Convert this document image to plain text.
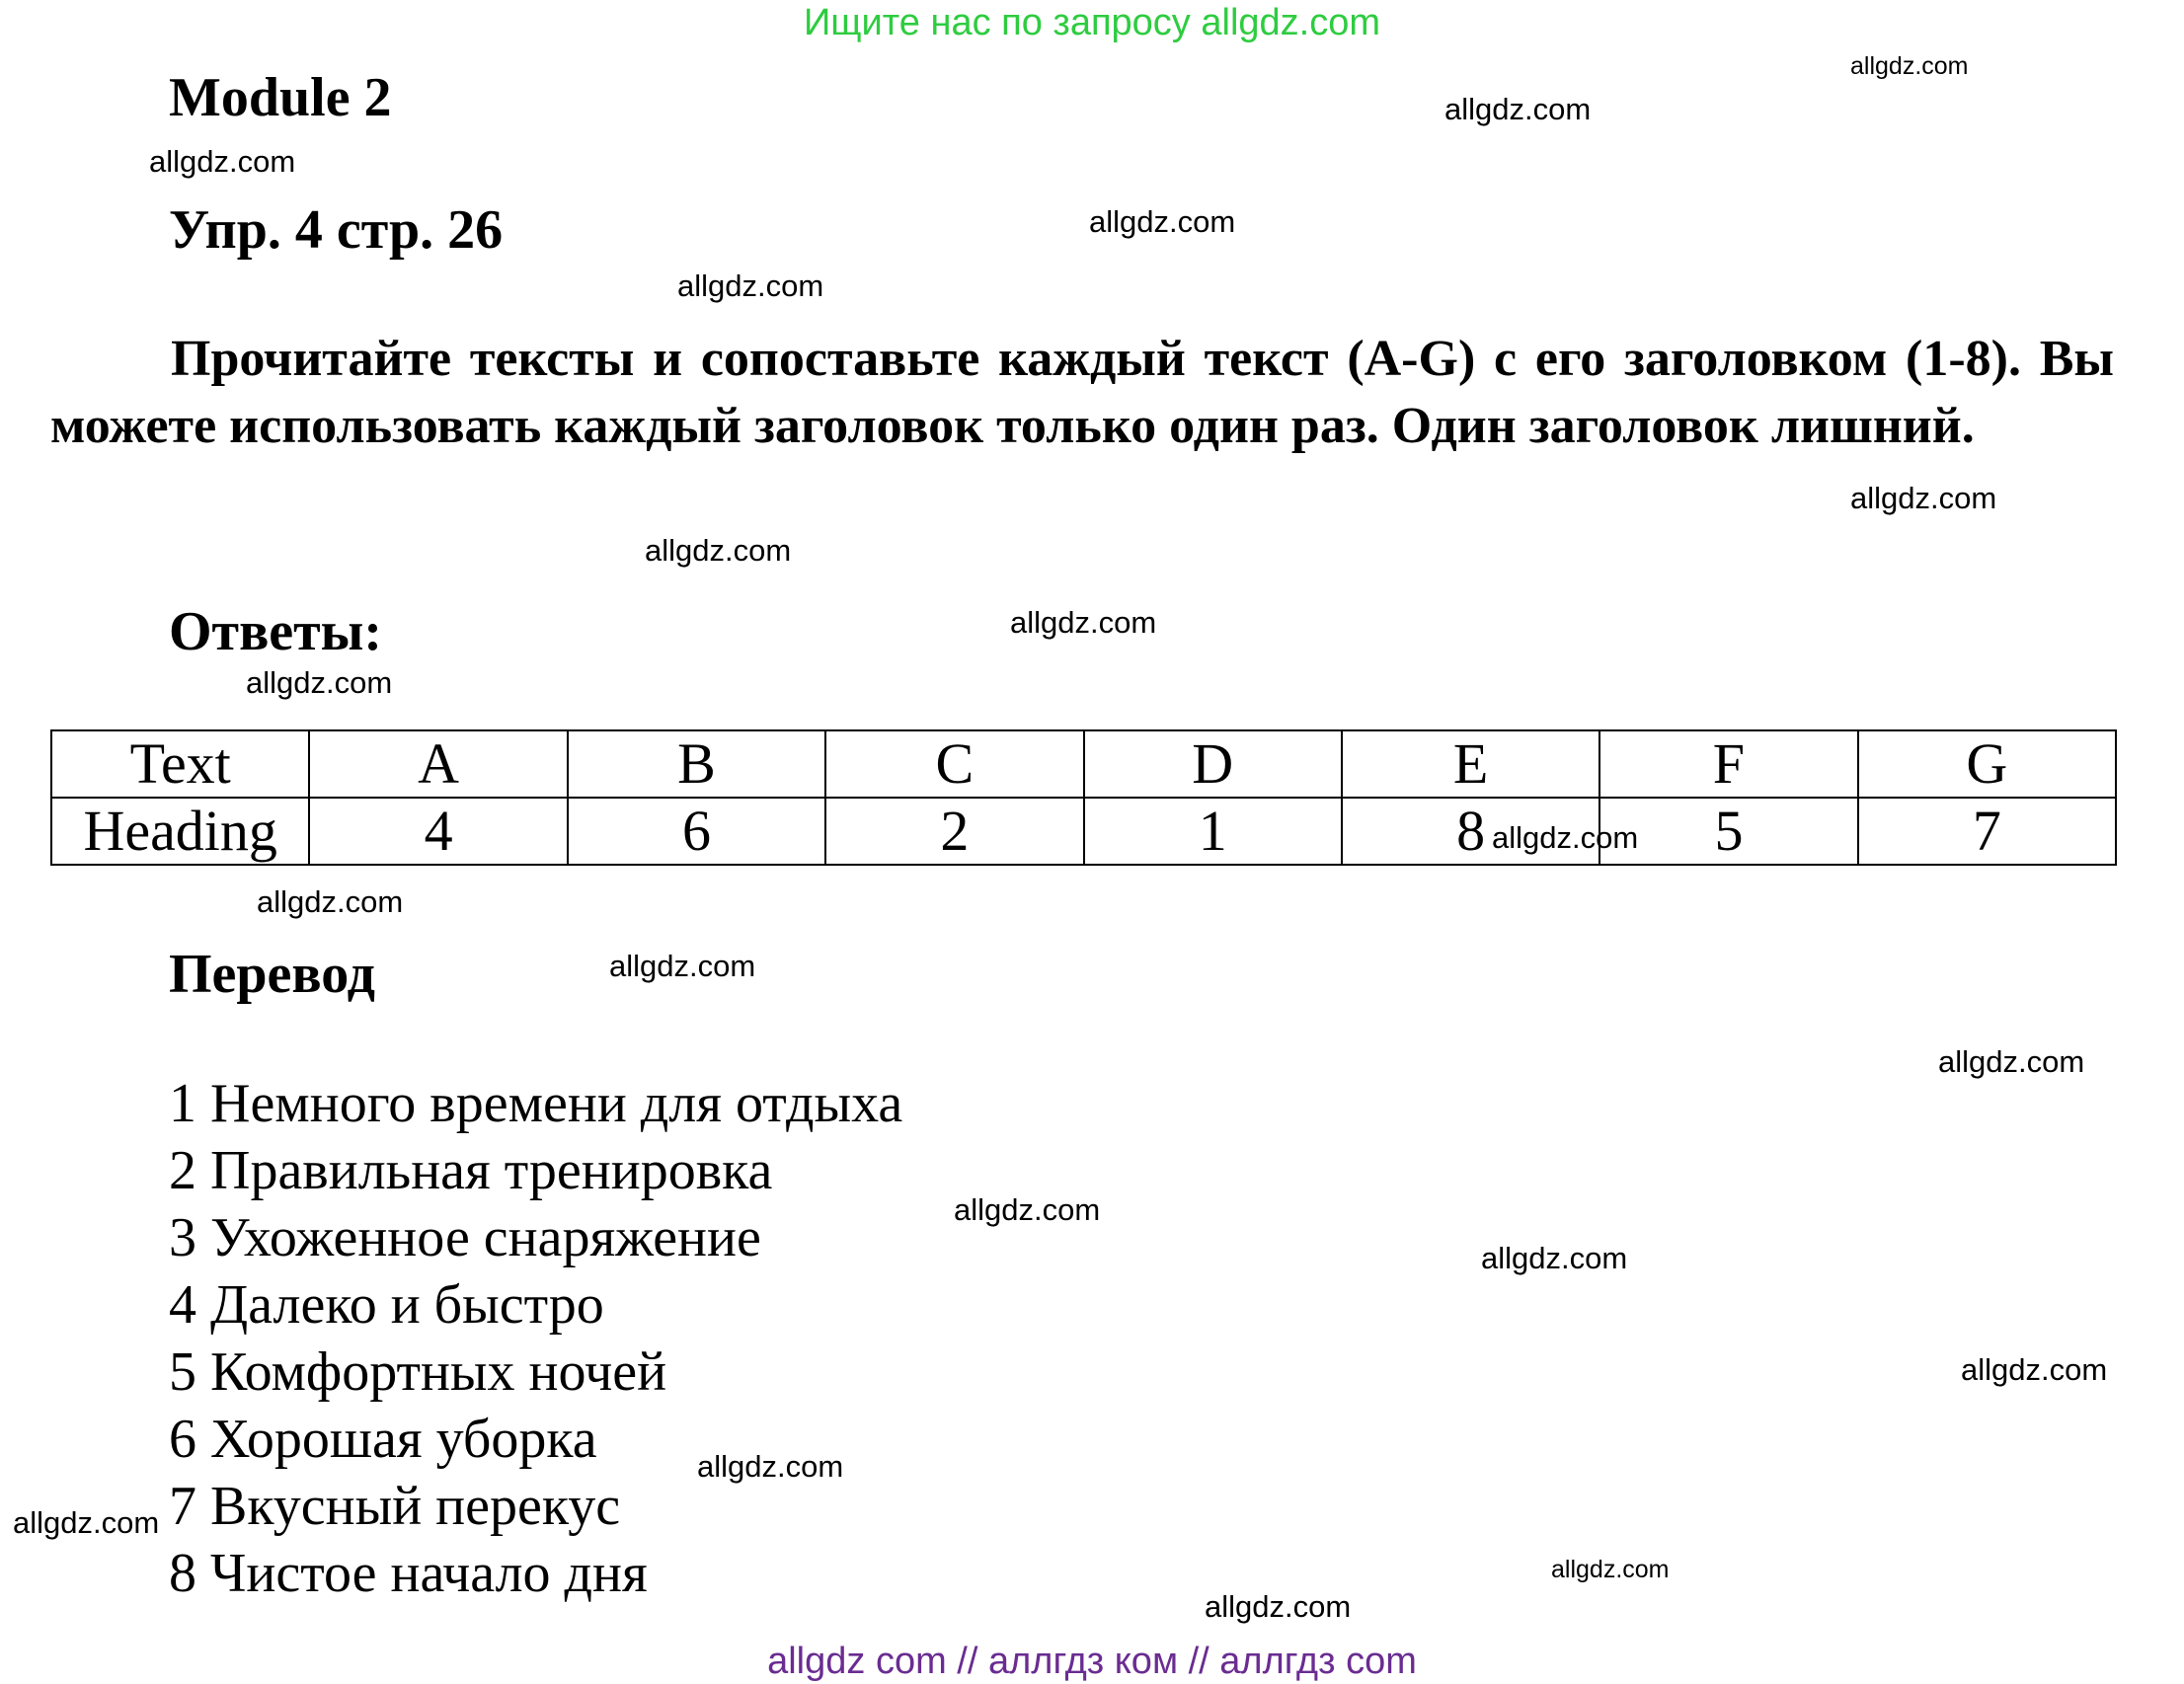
Ищите нас по запросу allgdz.com
Module 2
Упр. 4 стр. 26

Прочитайте тексты и сопоставьте каждый текст (A-G) с его заголовком (1-8). Вы можете использовать каждый заголовок только один раз. Один заголовок лишний.

Ответы:
Text	A	B	C	D	E	F	G
Heading	4	6	2	1	8	5	7
Перевод
1 Немного времени для отдыха
2 Правильная тренировка
3 Ухоженное снаряжение
4 Далеко и быстро
5 Комфортных ночей
6 Хорошая уборка
7 Вкусный перекус
8 Чистое начало дня
allgdz.com
allgdz.com
allgdz.com
allgdz.com
allgdz.com
allgdz.com
allgdz.com
allgdz.com
allgdz.com
allgdz.com
allgdz.com
allgdz.com
allgdz.com
allgdz.com
allgdz.com
allgdz.com
allgdz.com
allgdz.com
allgdz.com
allgdz.com
allgdz com // аллгдз ком // аллгдз com
